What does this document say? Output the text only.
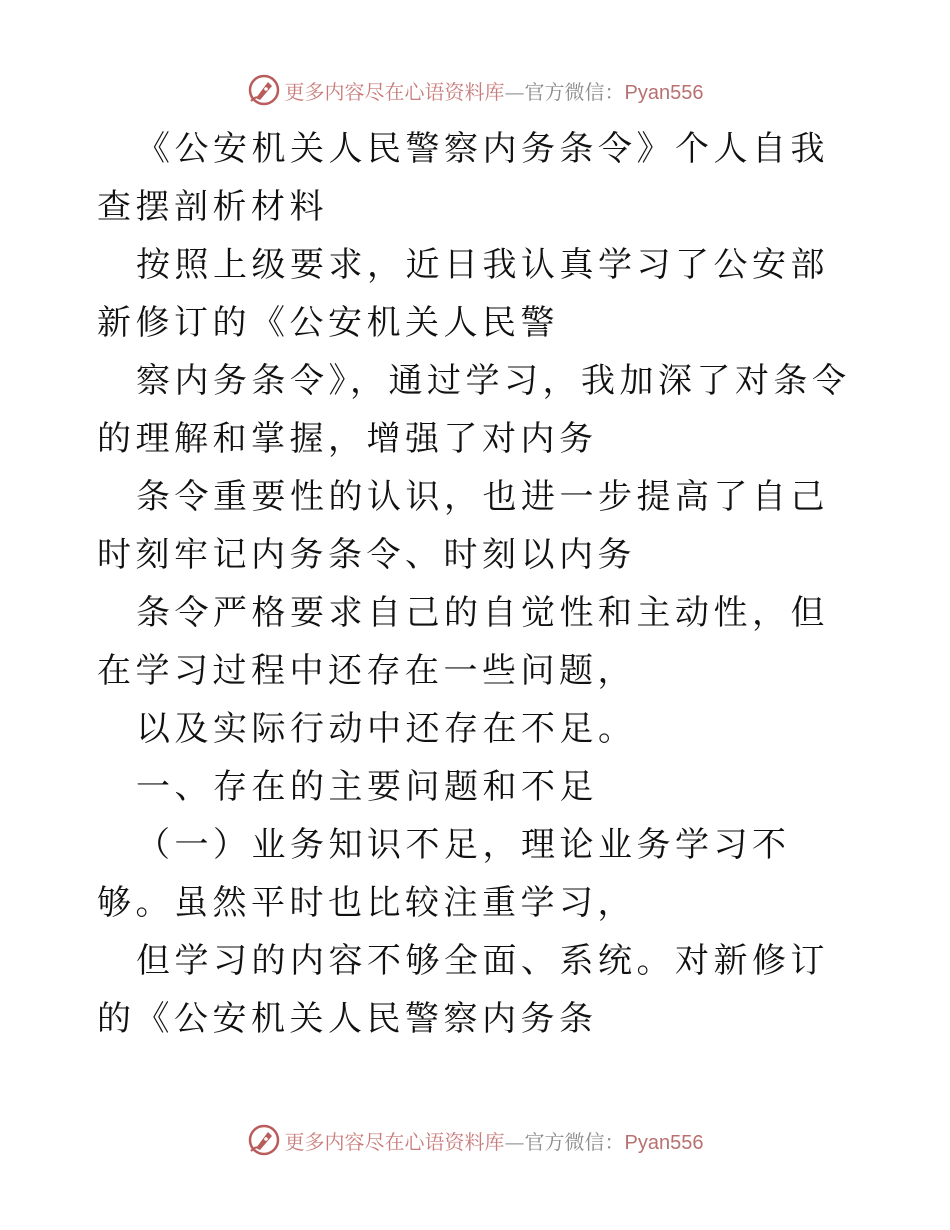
更多内容尽在心语资料库—官方微信：Pyan556

《公安机关人民警察内务条令》个人自我查摆剖析材料

按照上级要求，近日我认真学习了公安部新修订的《公安机关人民警

察内务条令》，通过学习，我加深了对条令的理解和掌握，增强了对内务

条令重要性的认识，也进一步提高了自己时刻牢记内务条令、时刻以内务

条令严格要求自己的自觉性和主动性，但在学习过程中还存在一些问题，

以及实际行动中还存在不足。

一、存在的主要问题和不足

（一）业务知识不足，理论业务学习不够。虽然平时也比较注重学习，

但学习的内容不够全面、系统。对新修订的《公安机关人民警察内务条

更多内容尽在心语资料库—官方微信：Pyan556
